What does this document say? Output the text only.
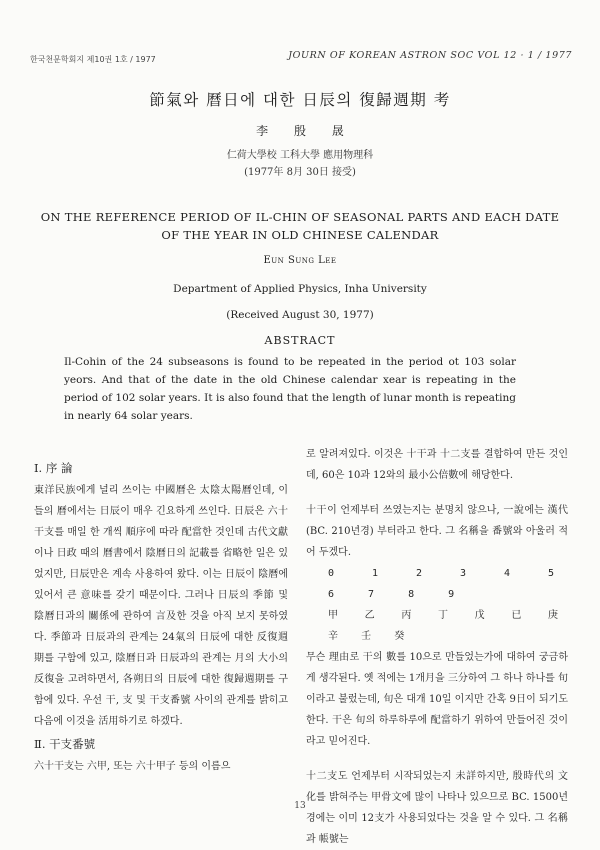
한국천문학회지 제10권 1호 / 1977	JOURN OF KOREAN ASTRON SOC VOL 12 · 1 / 1977
節氣와 曆日에 대한 日辰의 復歸週期 考
李 殷 晟
仁荷大學校 工科大學 應用物理科
(1977年 8月 30日 接受)
ON THE REFERENCE PERIOD OF IL-CHIN OF SEASONAL PARTS AND EACH DATE OF THE YEAR IN OLD CHINESE CALENDAR
Eun Sung Lee
Department of Applied Physics, Inha University
(Received August 30, 1977)
ABSTRACT
Il-Cohin of the 24 subseasons is found to be repeated in the period ot 103 solar yeors. And that of the date in the old Chinese calendar xear is repeating in the period of 102 solar years. It is also found that the length of lunar month is repeating in nearly 64 solar years.

Ⅰ. 序 論

東洋民族에게 널리 쓰이는 中國曆은 太陰太陽曆인데, 이들의 曆에서는 日辰이 매우 긴요하게 쓰인다. 日辰은 六十干支를 매일 한 개씩 順序에 따라 配當한 것인데 古代文獻이나 日政 때의 曆書에서 陰曆日의 記載를 省略한 일은 있었지만, 日辰만은 계속 사용하여 왔다. 이는 日辰이 陰曆에 있어서 큰 意味를 갖기 때문이다. 그러나 日辰의 季節 및 陰曆日과의 關係에 관하여 言及한 것을 아직 보지 못하였다. 季節과 日辰과의 관계는 24氣의 日辰에 대한 反復週期를 구함에 있고, 陰曆日과 日辰과의 관계는 月의 大小의 反復을 고려하면서, 各朔日의 日辰에 대한 復歸週期를 구함에 있다. 우선 干, 支 및 干支番號 사이의 관계를 밝히고 다음에 이것을 活用하기로 하겠다.

Ⅱ. 干支番號

六十干支는 六甲, 또는 六十甲子 등의 이름으

로 알려져있다. 이것은 十干과 十二支를 결합하여 만든 것인데, 60은 10과 12와의 最小公倍數에 해당한다.

十干이 언제부터 쓰였는지는 분명치 않으나, 一說에는 漢代(BC. 210년경) 부터라고 한다. 그 名稱을 番號와 아울러 적어 두겠다.

0 1 2 3 4 5 6 7 8 9

甲 乙 丙 丁 戊 已 庚 辛 壬 癸

무슨 理由로 干의 數를 10으로 만들었는가에 대하여 궁금하게 생각된다. 옛 적에는 1개月을 三分하여 그 하나 하나를 旬이라고 불렀는데, 旬은 대개 10일 이지만 간혹 9日이 되기도 한다. 干은 旬의 하루하루에 配當하기 위하여 만들어진 것이라고 믿어진다.

十二支도 언제부터 시작되었는지 未詳하지만, 殷時代의 文化를 밝혀주는 甲骨文에 많이 나타나 있으므로 BC. 1500년경에는 이미 12支가 사용되었다는 것을 알 수 있다. 그 名稱과 帳號는

13
